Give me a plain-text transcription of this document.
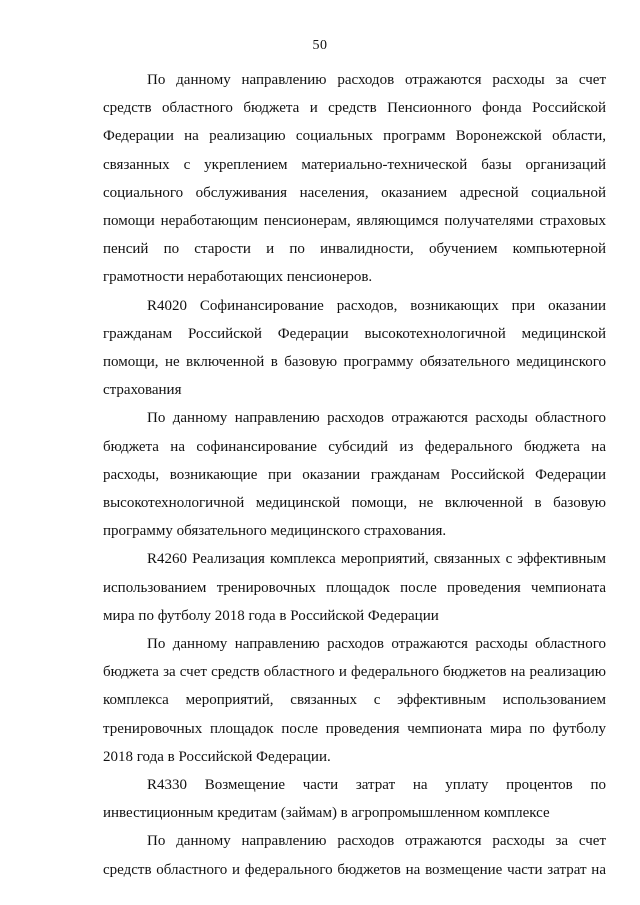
50

По данному направлению расходов отражаются расходы за счет средств областного бюджета и средств Пенсионного фонда Российской Федерации на реализацию социальных программ Воронежской области, связанных с укреплением материально-технической базы организаций социального обслуживания населения, оказанием адресной социальной помощи неработающим пенсионерам, являющимся получателями страховых пенсий по старости и по инвалидности, обучением компьютерной грамотности неработающих пенсионеров.

R4020 Софинансирование расходов, возникающих при оказании гражданам Российской Федерации высокотехнологичной медицинской помощи, не включенной в базовую программу обязательного медицинского страхования

По данному направлению расходов отражаются расходы областного бюджета на софинансирование субсидий из федерального бюджета на расходы, возникающие при оказании гражданам Российской Федерации высокотехнологичной медицинской помощи, не включенной в базовую программу обязательного медицинского страхования.

R4260 Реализация комплекса мероприятий, связанных с эффективным использованием тренировочных площадок после проведения чемпионата мира по футболу 2018 года в Российской Федерации

По данному направлению расходов отражаются расходы областного бюджета за счет средств областного и федерального бюджетов на реализацию комплекса мероприятий, связанных с эффективным использованием тренировочных площадок после проведения чемпионата мира по футболу 2018 года в Российской Федерации.

R4330 Возмещение части затрат на уплату процентов по инвестиционным кредитам (займам) в агропромышленном комплексе

По данному направлению расходов отражаются расходы за счет средств областного и федерального бюджетов на возмещение части затрат на
